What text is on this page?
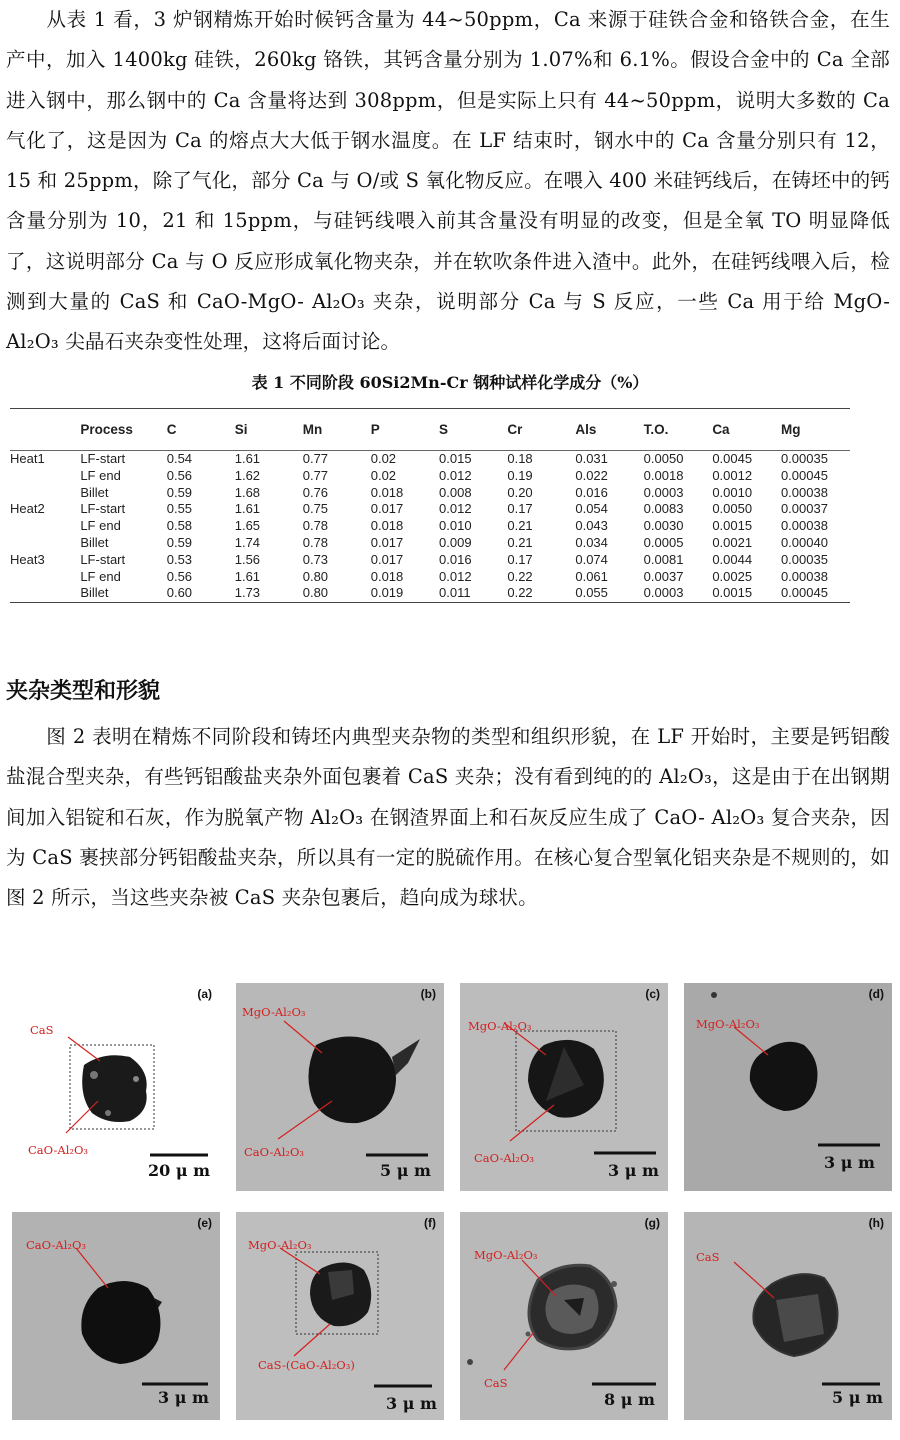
从表 1 看，3 炉钢精炼开始时候钙含量为 44~50ppm，Ca 来源于硅铁合金和铬铁合金，在生产中，加入 1400kg 硅铁，260kg 铬铁，其钙含量分别为 1.07%和 6.1%。假设合金中的 Ca 全部进入钢中，那么钢中的 Ca 含量将达到 308ppm，但是实际上只有 44~50ppm，说明大多数的 Ca 气化了，这是因为 Ca 的熔点大大低于钢水温度。在 LF 结束时，钢水中的 Ca 含量分别只有 12，15 和 25ppm，除了气化，部分 Ca 与 O/或 S 氧化物反应。在喂入 400 米硅钙线后，在铸坯中的钙含量分别为 10，21 和 15ppm，与硅钙线喂入前其含量没有明显的改变，但是全氧 TO 明显降低了，这说明部分 Ca 与 O 反应形成氧化物夹杂，并在软吹条件进入渣中。此外，在硅钙线喂入后，检测到大量的 CaS 和 CaO-MgO- Al₂O₃ 夹杂，说明部分 Ca 与 S 反应，一些 Ca 用于给 MgO- Al₂O₃ 尖晶石夹杂变性处理，这将后面讨论。

表 1 不同阶段 60Si2Mn-Cr 钢种试样化学成分（%）
	Process	C	Si	Mn	P	S	Cr	Als	T.O.	Ca	Mg
Heat1	LF-start	0.54	1.61	0.77	0.02	0.015	0.18	0.031	0.0050	0.0045	0.00035
	LF end	0.56	1.62	0.77	0.02	0.012	0.19	0.022	0.0018	0.0012	0.00045
	Billet	0.59	1.68	0.76	0.018	0.008	0.20	0.016	0.0003	0.0010	0.00038
Heat2	LF-start	0.55	1.61	0.75	0.017	0.012	0.17	0.054	0.0083	0.0050	0.00037
	LF end	0.58	1.65	0.78	0.018	0.010	0.21	0.043	0.0030	0.0015	0.00038
	Billet	0.59	1.74	0.78	0.017	0.009	0.21	0.034	0.0005	0.0021	0.00040
Heat3	LF-start	0.53	1.56	0.73	0.017	0.016	0.17	0.074	0.0081	0.0044	0.00035
	LF end	0.56	1.61	0.80	0.018	0.012	0.22	0.061	0.0037	0.0025	0.00038
	Billet	0.60	1.73	0.80	0.019	0.011	0.22	0.055	0.0003	0.0015	0.00045
夹杂类型和形貌

图 2 表明在精炼不同阶段和铸坯内典型夹杂物的类型和组织形貌，在 LF 开始时，主要是钙铝酸盐混合型夹杂，有些钙铝酸盐夹杂外面包裹着 CaS 夹杂；没有看到纯的的 Al₂O₃，这是由于在出钢期间加入铝锭和石灰，作为脱氧产物 Al₂O₃ 在钢渣界面上和石灰反应生成了 CaO- Al₂O₃ 复合夹杂，因为 CaS 裹挟部分钙铝酸盐夹杂，所以具有一定的脱硫作用。在核心复合型氧化铝夹杂是不规则的，如图 2 所示，当这些夹杂被 CaS 夹杂包裹后，趋向成为球状。

(a)
CaS
CaO-Al₂O₃
20 μ m
(b)
MgO-Al₂O₃
CaO-Al₂O₃
5 μ m
(c)
MgO-Al₂O₃
CaO-Al₂O₃
3 μ m
(d)
MgO-Al₂O₃
3 μ m
(e)
CaO-Al₂O₃
3 μ m
(f)
MgO-Al₂O₃
CaS-(CaO-Al₂O₃)
3 μ m
(g)
MgO-Al₂O₃
CaS
8 μ m
(h)
CaS
5 μ m
